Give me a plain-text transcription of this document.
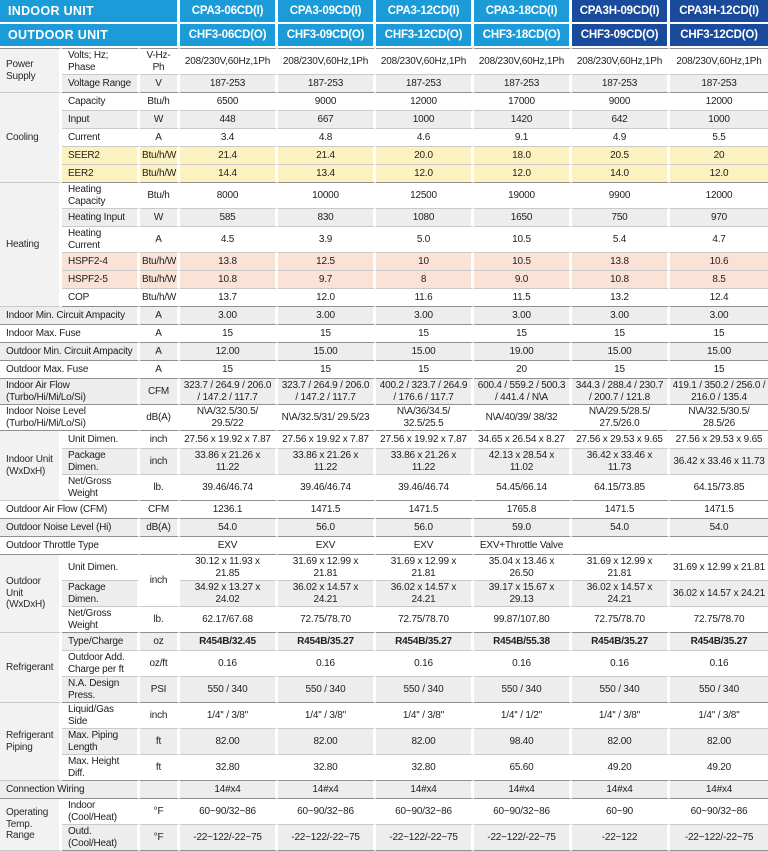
INDOOR UNIT			CPA3-06CD(I)	CPA3-09CD(I)	CPA3-12CD(I)	CPA3-18CD(I)	CPA3H-09CD(I)	CPA3H-12CD(I)
OUTDOOR UNIT			CHF3-06CD(O)	CHF3-09CD(O)	CHF3-12CD(O)	CHF3-18CD(O)	CHF3-09CD(O)	CHF3-12CD(O)
Power Supply	Volts; Hz; Phase	V-Hz-Ph	208/230V,60Hz,1Ph	208/230V,60Hz,1Ph	208/230V,60Hz,1Ph	208/230V,60Hz,1Ph	208/230V,60Hz,1Ph	208/230V,60Hz,1Ph
	Voltage Range	V	187-253	187-253	187-253	187-253	187-253	187-253
Cooling	Capacity	Btu/h	6500	9000	12000	17000	9000	12000
	Input	W	448	667	1000	1420	642	1000
	Current	A	3.4	4.8	4.6	9.1	4.9	5.5
	SEER2	Btu/h/W	21.4	21.4	20.0	18.0	20.5	20
	EER2	Btu/h/W	14.4	13.4	12.0	12.0	14.0	12.0
Heating	Heating Capacity	Btu/h	8000	10000	12500	19000	9900	12000
	Heating Input	W	585	830	1080	1650	750	970
	Heating Current	A	4.5	3.9	5.0	10.5	5.4	4.7
	HSPF2-4	Btu/h/W	13.8	12.5	10	10.5	13.8	10.6
	HSPF2-5	Btu/h/W	10.8	9.7	8	9.0	10.8	8.5
	COP	Btu/h/W	13.7	12.0	11.6	11.5	13.2	12.4
Indoor Min. Circuit Ampacity		A	3.00	3.00	3.00	3.00	3.00	3.00
Indoor Max. Fuse		A	15	15	15	15	15	15
Outdoor Min. Circuit Ampacity		A	12.00	15.00	15.00	19.00	15.00	15.00
Outdoor Max. Fuse		A	15	15	15	20	15	15
Indoor Air Flow (Turbo/Hi/Mi/Lo/Si)		CFM	323.7 / 264.9 / 206.0 / 147.2 / 117.7	323.7 / 264.9 / 206.0 / 147.2 / 117.7	400.2 / 323.7 / 264.9 / 176.6 / 117.7	600.4 / 559.2 / 500.3 / 441.4 / N\A	344.3 / 288.4 / 230.7 / 200.7 / 121.8	419.1 / 350.2 / 256.0 / 216.0 / 135.4
Indoor Noise Level (Turbo/Hi/Mi/Lo/Si)		dB(A)	N\A/32.5/30.5/ 29.5/22	N\A/32.5/31/ 29.5/23	N\A/36/34.5/ 32.5/25.5	N\A/40/39/ 38/32	N\A/29.5/28.5/ 27.5/26.0	N\A/32.5/30.5/ 28.5/26
Indoor Unit (WxDxH)	Unit Dimen.	inch	27.56 x 19.92 x 7.87	27.56 x 19.92 x 7.87	27.56 x 19.92 x 7.87	34.65 x 26.54 x 8.27	27.56 x 29.53 x 9.65	27.56 x 29.53 x 9.65
	Package Dimen.	inch	33.86 x 21.26 x 11.22	33.86 x 21.26 x 11.22	33.86 x 21.26 x 11.22	42.13 x 28.54 x 11.02	36.42 x 33.46 x 11.73	36.42 x 33.46 x 11.73
	Net/Gross Weight	lb.	39.46/46.74	39.46/46.74	39.46/46.74	54.45/66.14	64.15/73.85	64.15/73.85
Outdoor Air Flow (CFM)		CFM	1236.1	1471.5	1471.5	1765.8	1471.5	1471.5
Outdoor Noise Level (Hi)		dB(A)	54.0	56.0	56.0	59.0	54.0	54.0
Outdoor Throttle Type			EXV	EXV	EXV	EXV+Throttle Valve		
Outdoor Unit (WxDxH)	Unit Dimen.	inch	30.12 x 11.93 x 21.85	31.69 x 12.99 x 21.81	31.69 x 12.99 x 21.81	35.04 x 13.46 x 26.50	31.69 x 12.99 x 21.81	31.69 x 12.99 x 21.81
	Package Dimen.		34.92 x 13.27 x 24.02	36.02 x 14.57 x 24.21	36.02 x 14.57 x 24.21	39.17 x 15.67 x 29.13	36.02 x 14.57 x 24.21	36.02 x 14.57 x 24.21
	Net/Gross Weight	lb.	62.17/67.68	72.75/78.70	72.75/78.70	99.87/107.80	72.75/78.70	72.75/78.70
Refrigerant	Type/Charge	oz	R454B/32.45	R454B/35.27	R454B/35.27	R454B/55.38	R454B/35.27	R454B/35.27
	Outdoor Add. Charge per ft	oz/ft	0.16	0.16	0.16	0.16	0.16	0.16
	N.A. Design Press.	PSI	550 / 340	550 / 340	550 / 340	550 / 340	550 / 340	550 / 340
Refrigerant Piping	Liquid/Gas Side	inch	1/4'' / 3/8''	1/4'' / 3/8''	1/4'' / 3/8''	1/4'' / 1/2''	1/4'' / 3/8''	1/4'' / 3/8''
	Max. Piping Length	ft	82.00	82.00	82.00	98.40	82.00	82.00
	Max. Height Diff.	ft	32.80	32.80	32.80	65.60	49.20	49.20
Connection Wiring			14#x4	14#x4	14#x4	14#x4	14#x4	14#x4
Operating Temp. Range	Indoor (Cool/Heat)	°F	60~90/32~86	60~90/32~86	60~90/32~86	60~90/32~86	60~90	60~90/32~86
	Outd. (Cool/Heat)	°F	-22~122/-22~75	-22~122/-22~75	-22~122/-22~75	-22~122/-22~75	-22~122	-22~122/-22~75
